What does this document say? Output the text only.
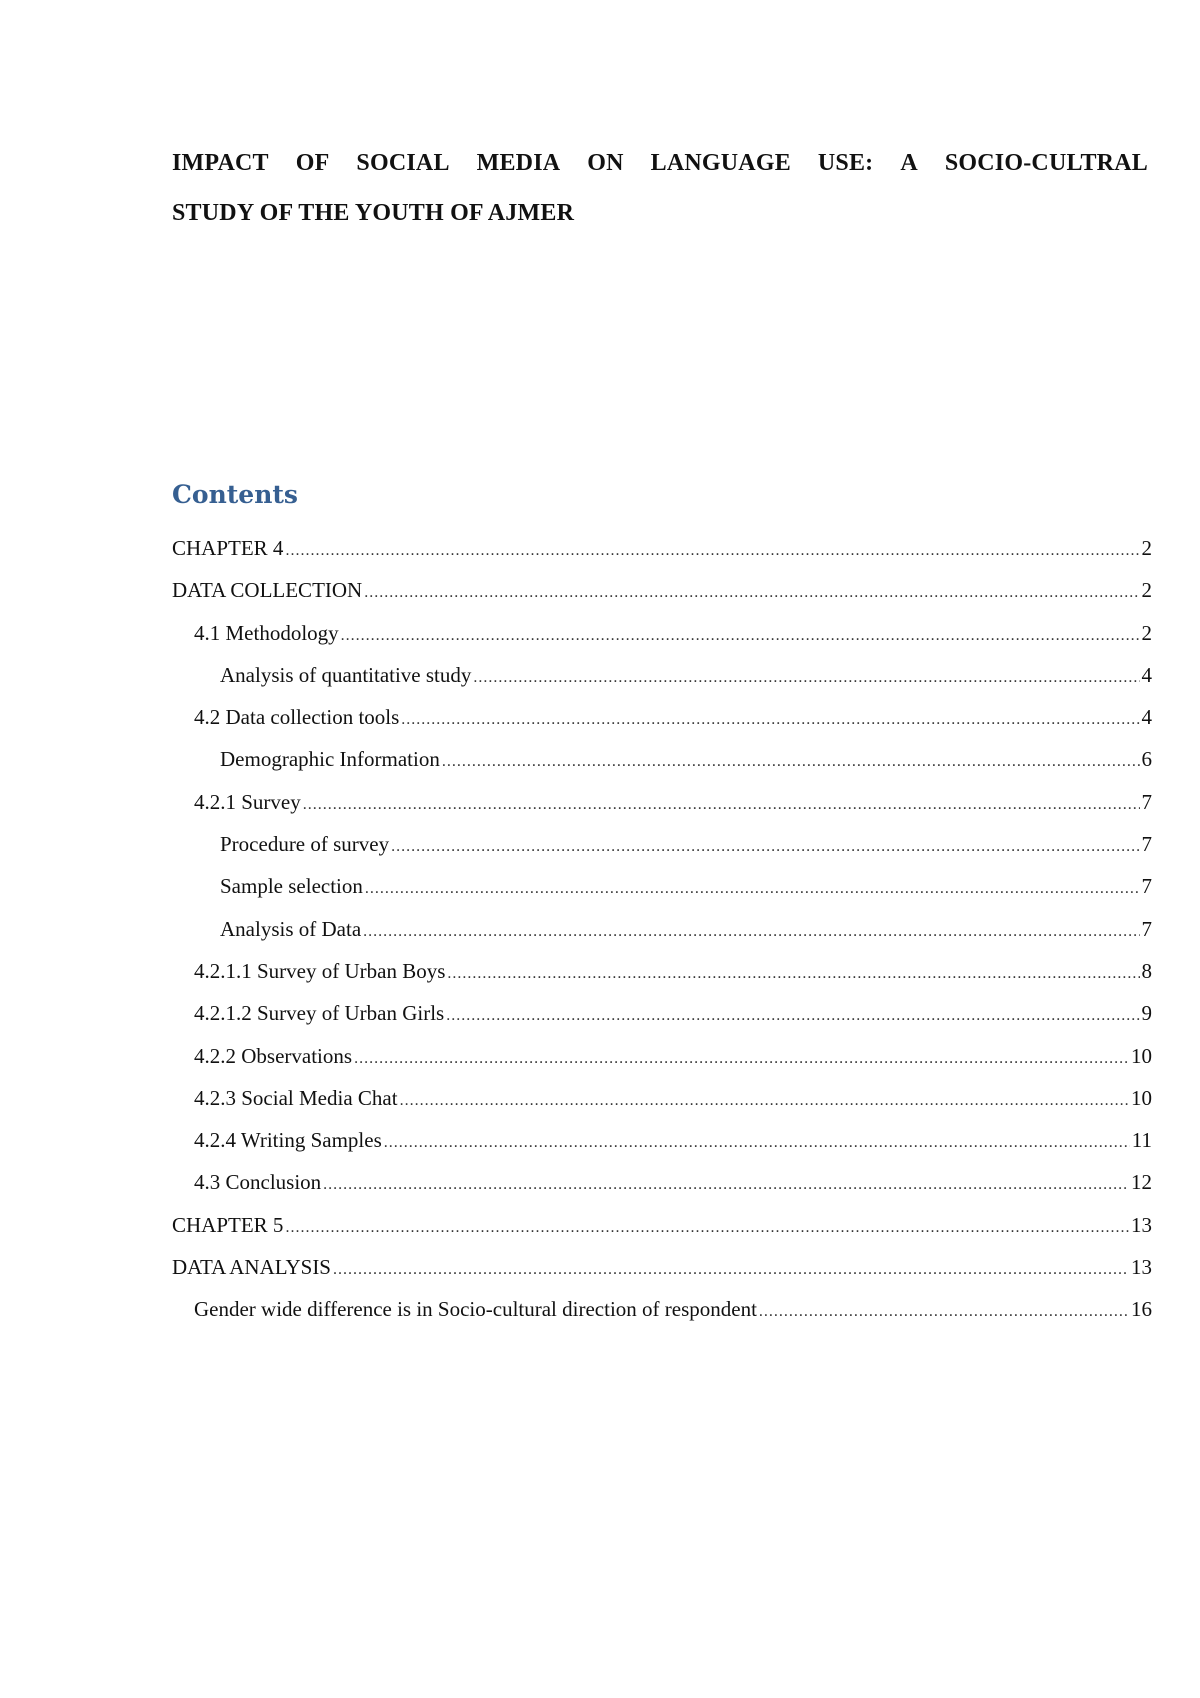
IMPACT OF SOCIAL MEDIA ON LANGUAGE USE: A SOCIO-CULTRAL
STUDY OF THE YOUTH OF AJMER
Contents
CHAPTER 4 .....	2
DATA COLLECTION .....	2
4.1 Methodology .....	2
Analysis of quantitative study .....	4
4.2 Data collection tools .....	4
Demographic Information .....	6
4.2.1 Survey .....	7
Procedure of survey .....	7
Sample selection .....	7
Analysis of Data .....	7
4.2.1.1 Survey of Urban Boys .....	8
4.2.1.2 Survey of Urban Girls .....	9
4.2.2 Observations .....	10
4.2.3 Social Media Chat .....	10
4.2.4 Writing Samples .....	11
4.3 Conclusion .....	12
CHAPTER 5 .....	13
DATA ANALYSIS .....	13
Gender wide difference is in Socio-cultural direction of respondent .....	16
